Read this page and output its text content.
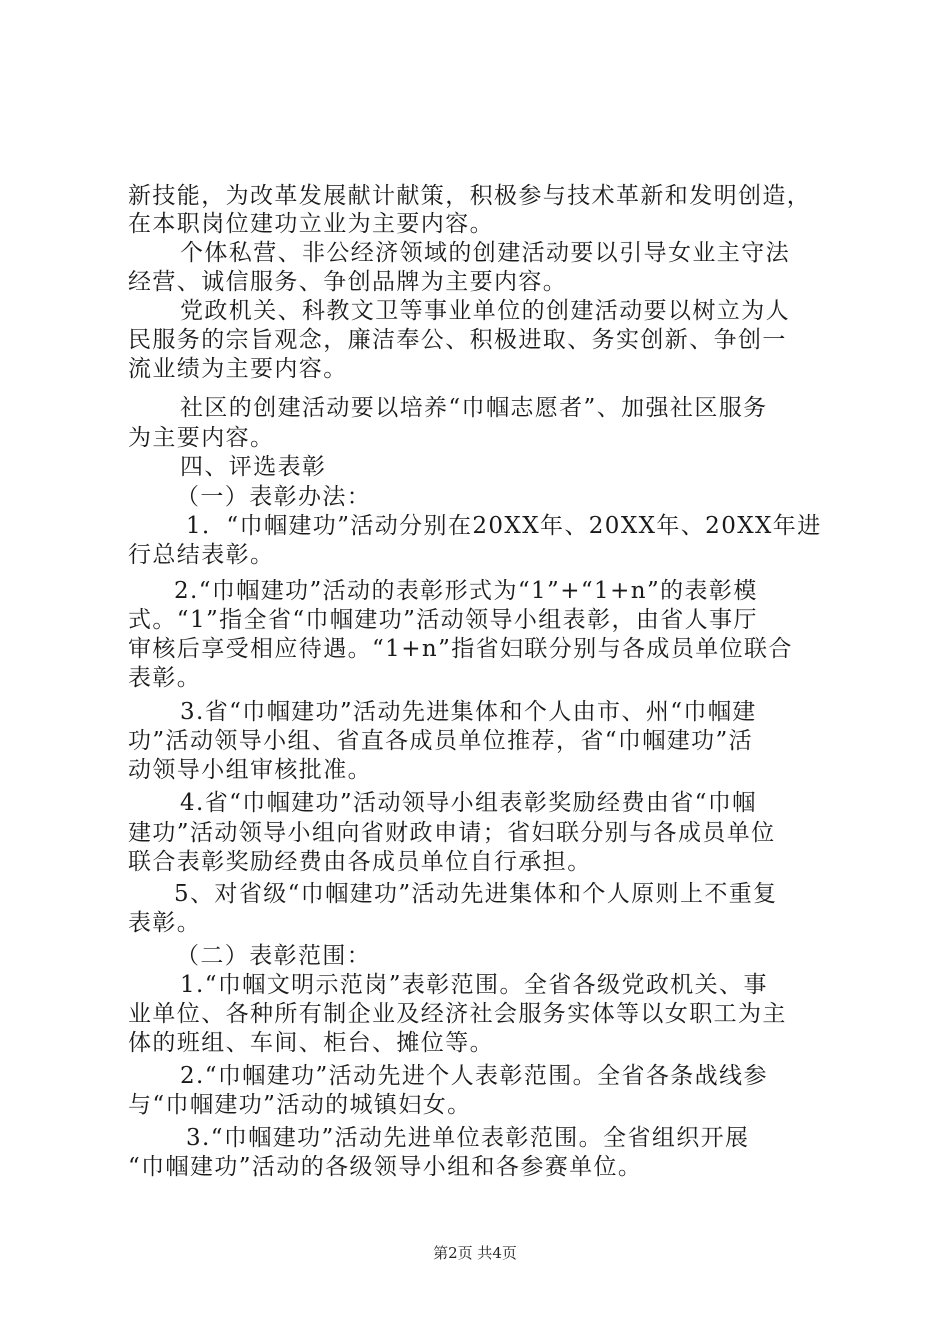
新技能，为改革发展献计献策，积极参与技术革新和发明创造，
在本职岗位建功立业为主要内容。
个体私营、非公经济领域的创建活动要以引导女业主守法
经营、诚信服务、争创品牌为主要内容。
党政机关、科教文卫等事业单位的创建活动要以树立为人
民服务的宗旨观念，廉洁奉公、积极进取、务实创新、争创一
流业绩为主要内容。
社区的创建活动要以培养“巾帼志愿者”、加强社区服务
为主要内容。
四、评选表彰
（一）表彰办法：
1．“巾帼建功”活动分别在20XX年、20XX年、20XX年进
行总结表彰。
2.“巾帼建功”活动的表彰形式为“1”+“1+n”的表彰模
式。“1”指全省“巾帼建功”活动领导小组表彰，由省人事厅
审核后享受相应待遇。“1+n”指省妇联分别与各成员单位联合
表彰。
3.省“巾帼建功”活动先进集体和个人由市、州“巾帼建
功”活动领导小组、省直各成员单位推荐，省“巾帼建功”活
动领导小组审核批准。
4.省“巾帼建功”活动领导小组表彰奖励经费由省“巾帼
建功”活动领导小组向省财政申请；省妇联分别与各成员单位
联合表彰奖励经费由各成员单位自行承担。
5、对省级“巾帼建功”活动先进集体和个人原则上不重复
表彰。
（二）表彰范围：
1.“巾帼文明示范岗”表彰范围。全省各级党政机关、事
业单位、各种所有制企业及经济社会服务实体等以女职工为主
体的班组、车间、柜台、摊位等。
2.“巾帼建功”活动先进个人表彰范围。全省各条战线参
与“巾帼建功”活动的城镇妇女。
3.“巾帼建功”活动先进单位表彰范围。全省组织开展
“巾帼建功”活动的各级领导小组和各参赛单位。
第2页 共4页
